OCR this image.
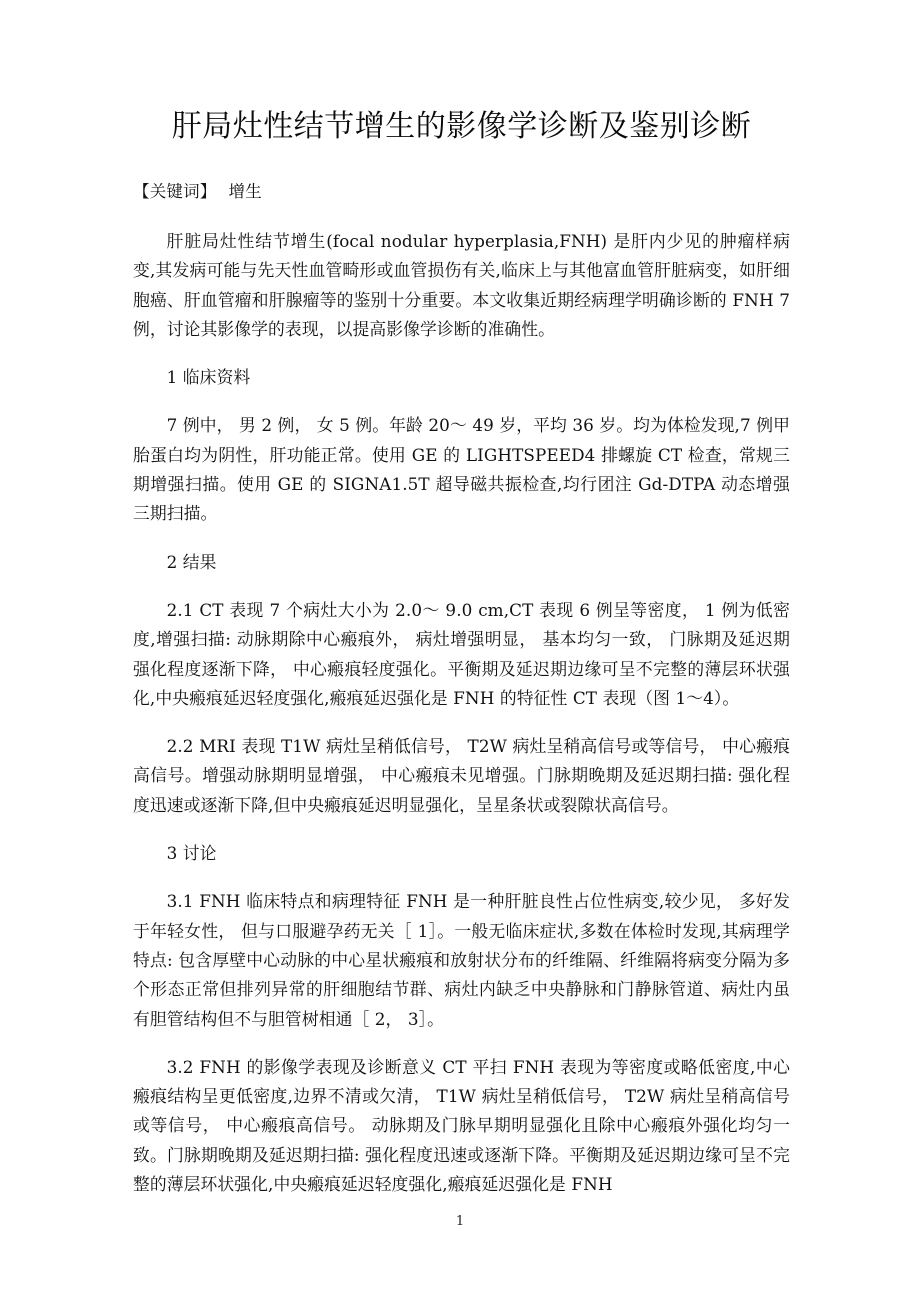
肝局灶性结节增生的影像学诊断及鉴别诊断

【关键词】 增生

肝脏局灶性结节增生(focal nodular hyperplasia,FNH) 是肝内少见的肿瘤样病变,其发病可能与先天性血管畸形或血管损伤有关,临床上与其他富血管肝脏病变，如肝细胞癌、肝血管瘤和肝腺瘤等的鉴别十分重要。本文收集近期经病理学明确诊断的 FNH 7 例，讨论其影像学的表现，以提高影像学诊断的准确性。

1 临床资料

7 例中， 男 2 例， 女 5 例。年龄 20～ 49 岁，平均 36 岁。均为体检发现,7 例甲胎蛋白均为阴性，肝功能正常。使用 GE 的 LIGHTSPEED4 排螺旋 CT 检查，常规三期增强扫描。使用 GE 的 SIGNA1.5T 超导磁共振检查,均行团注 Gd-DTPA 动态增强三期扫描。

2 结果

2.1 CT 表现 7 个病灶大小为 2.0～ 9.0 cm,CT 表现 6 例呈等密度， 1 例为低密度,增强扫描: 动脉期除中心瘢痕外， 病灶增强明显， 基本均匀一致， 门脉期及延迟期强化程度逐渐下降， 中心瘢痕轻度强化。平衡期及延迟期边缘可呈不完整的薄层环状强化,中央瘢痕延迟轻度强化,瘢痕延迟强化是 FNH 的特征性 CT 表现（图 1～4）。

2.2 MRI 表现 T1W 病灶呈稍低信号， T2W 病灶呈稍高信号或等信号， 中心瘢痕高信号。增强动脉期明显增强， 中心瘢痕未见增强。门脉期晚期及延迟期扫描: 强化程度迅速或逐渐下降,但中央瘢痕延迟明显强化，呈星条状或裂隙状高信号。

3 讨论

3.1 FNH 临床特点和病理特征 FNH 是一种肝脏良性占位性病变,较少见， 多好发于年轻女性， 但与口服避孕药无关［ 1］。一般无临床症状,多数在体检时发现,其病理学特点: 包含厚壁中心动脉的中心星状瘢痕和放射状分布的纤维隔、纤维隔将病变分隔为多个形态正常但排列异常的肝细胞结节群、病灶内缺乏中央静脉和门静脉管道、病灶内虽有胆管结构但不与胆管树相通［ 2， 3］。

3.2 FNH 的影像学表现及诊断意义 CT 平扫 FNH 表现为等密度或略低密度,中心瘢痕结构呈更低密度,边界不清或欠清， T1W 病灶呈稍低信号， T2W 病灶呈稍高信号或等信号， 中心瘢痕高信号。 动脉期及门脉早期明显强化且除中心瘢痕外强化均匀一致。门脉期晚期及延迟期扫描: 强化程度迅速或逐渐下降。平衡期及延迟期边缘可呈不完整的薄层环状强化,中央瘢痕延迟轻度强化,瘢痕延迟强化是 FNH

1
